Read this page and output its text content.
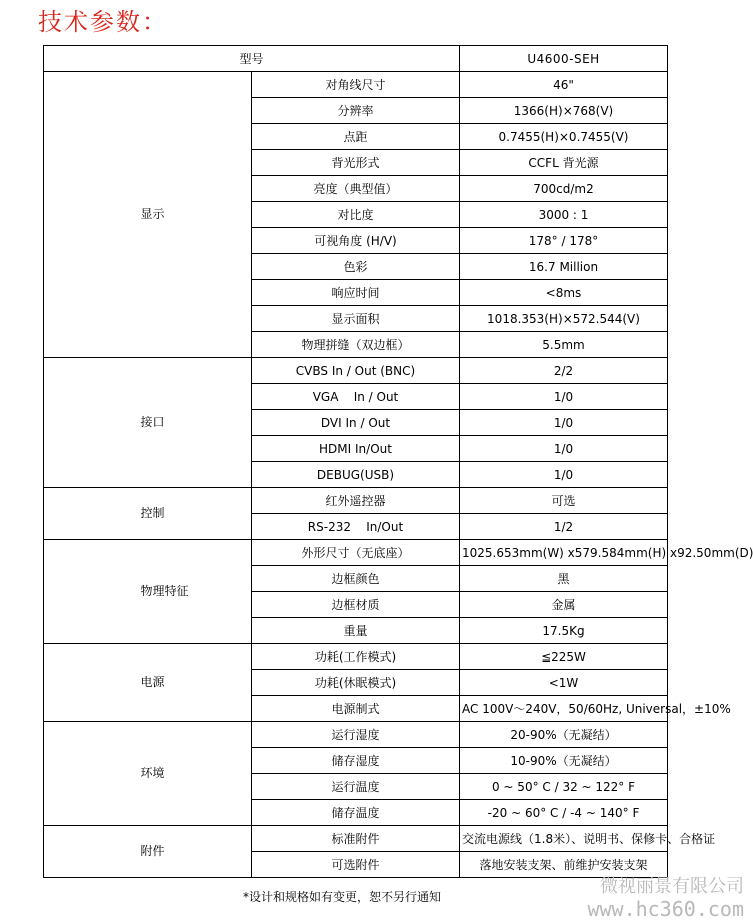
技术参数：
型号		U4600-SEH
显示	对角线尺寸	46"
	分辨率	1366(H)×768(V)
	点距	0.7455(H)×0.7455(V)
	背光形式	CCFL 背光源
	亮度（典型值）	700cd/m2
	对比度	3000 : 1
	可视角度 (H/V)	178° / 178°
	色彩	16.7 Million
	响应时间	<8ms
	显示面积	1018.353(H)×572.544(V)
	物理拼缝（双边框）	5.5mm
接口	CVBS In / Out (BNC)	2/2
	VGA    In / Out	1/0
	DVI In / Out	1/0
	HDMI In/Out	1/0
	DEBUG(USB)	1/0
控制	红外遥控器	可选
	RS-232    In/Out	1/2
物理特征	外形尺寸（无底座）	1025.653mm(W) x579.584mm(H) x92.50mm(D)
	边框颜色	黑
	边框材质	金属
	重量	17.5Kg
电源	功耗(工作模式)	≦225W
	功耗(休眠模式)	<1W
	电源制式	AC 100V～240V，50/60Hz, Universal，±10%
环境	运行湿度	20-90%（无凝结）
	储存湿度	10-90%（无凝结）
	运行温度	0 ~ 50° C / 32 ~ 122° F
	储存温度	-20 ~ 60° C / -4 ~ 140° F
附件	标准附件	交流电源线（1.8米）、说明书、保修卡、合格证
	可选附件	落地安装支架、前维护安装支架
*设计和规格如有变更，恕不另行通知	微视丽景有限公司
www.hc360.com
